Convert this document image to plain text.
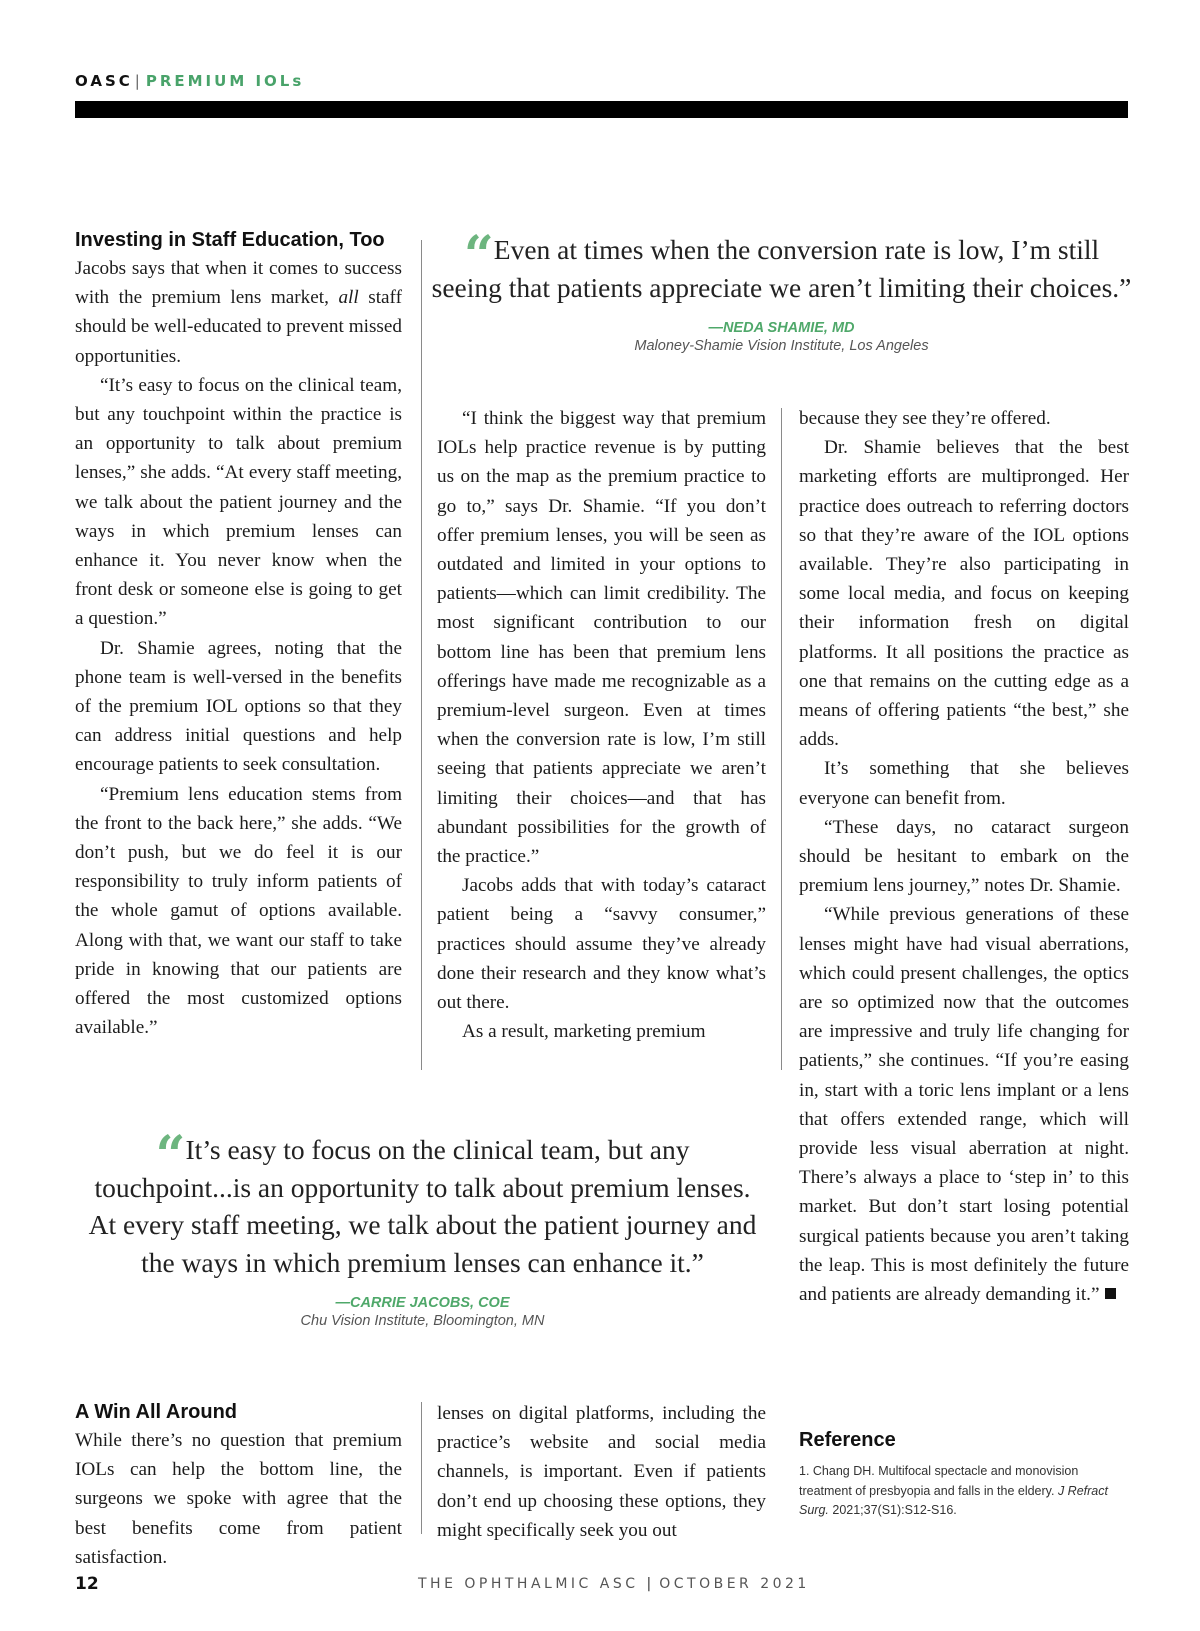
OASC | PREMIUM IOLs
Investing in Staff Education, Too

Jacobs says that when it comes to success with the premium lens market, all staff should be well-educated to prevent missed opportunities.

“It’s easy to focus on the clinical team, but any touchpoint within the practice is an opportunity to talk about premium lenses,” she adds. “At every staff meeting, we talk about the patient journey and the ways in which premium lenses can enhance it. You never know when the front desk or someone else is going to get a question.”

Dr. Shamie agrees, noting that the phone team is well-versed in the benefits of the premium IOL options so that they can address initial questions and help encourage patients to seek consultation.

“Premium lens education stems from the front to the back here,” she adds. “We don’t push, but we do feel it is our responsibility to truly inform patients of the whole gamut of options available. Along with that, we want our staff to take pride in knowing that our patients are offered the most customized options available.”

“ Even at times when the conversion rate is low, I’m still seeing that patients appreciate we aren’t limiting their choices.”
—NEDA SHAMIE, MD
Maloney-Shamie Vision Institute, Los Angeles

“I think the biggest way that premium IOLs help practice revenue is by putting us on the map as the premium practice to go to,” says Dr. Shamie. “If you don’t offer premium lenses, you will be seen as outdated and limited in your options to patients—which can limit credibility. The most significant contribution to our bottom line has been that premium lens offerings have made me recognizable as a premium-level surgeon. Even at times when the conversion rate is low, I’m still seeing that patients appreciate we aren’t limiting their choices—and that has abundant possibilities for the growth of the practice.”

Jacobs adds that with today’s cataract patient being a “savvy consumer,” practices should assume they’ve already done their research and they know what’s out there.

As a result, marketing premium

because they see they’re offered.

Dr. Shamie believes that the best marketing efforts are multipronged. Her practice does outreach to referring doctors so that they’re aware of the IOL options available. They’re also participating in some local media, and focus on keeping their information fresh on digital platforms. It all positions the practice as one that remains on the cutting edge as a means of offering patients “the best,” she adds.

It’s something that she believes everyone can benefit from.

“These days, no cataract surgeon should be hesitant to embark on the premium lens journey,” notes Dr. Shamie.

“While previous generations of these lenses might have had visual aberrations, which could present challenges, the optics are so optimized now that the outcomes are impressive and truly life changing for patients,” she continues. “If you’re easing in, start with a toric lens implant or a lens that offers extended range, which will provide less visual aberration at night. There’s always a place to ‘step in’ to this market. But don’t start losing potential surgical patients because you aren’t taking the leap. This is most definitely the future and patients are already demanding it.”

“ It’s easy to focus on the clinical team, but any touchpoint...is an opportunity to talk about premium lenses. At every staff meeting, we talk about the patient journey and the ways in which premium lenses can enhance it.”
—CARRIE JACOBS, COE
Chu Vision Institute, Bloomington, MN
A Win All Around

While there’s no question that premium IOLs can help the bottom line, the surgeons we spoke with agree that the best benefits come from patient satisfaction.

lenses on digital platforms, including the practice’s website and social media channels, is important. Even if patients don’t end up choosing these options, they might specifically seek you out

Reference
1. Chang DH. Multifocal spectacle and monovision treatment of presbyopia and falls in the eldery. J Refract Surg. 2021;37(S1):S12-S16.
12	THE OPHTHALMIC ASC | OCTOBER 2021
